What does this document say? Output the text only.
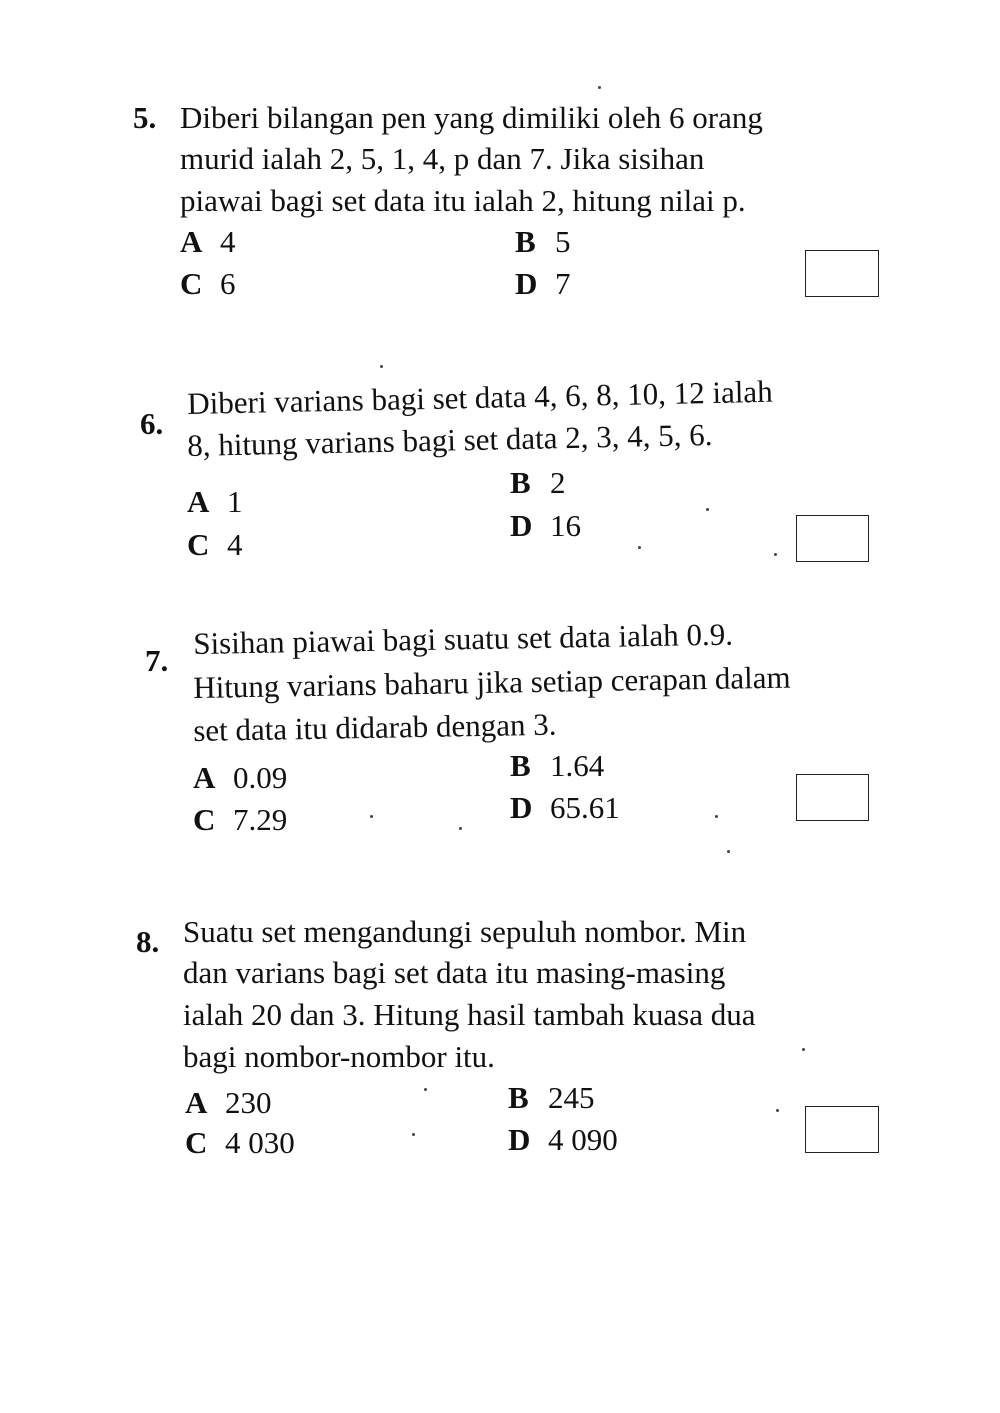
5. Diberi bilangan pen yang dimiliki oleh 6 orang
murid ialah 2, 5, 1, 4, p dan 7. Jika sisihan
piawai bagi set data itu ialah 2, hitung nilai p.
A 4	B 5
C 6	D 7
6.
Diberi varians bagi set data 4, 6, 8, 10, 12 ialah
8, hitung varians bagi set data 2, 3, 4, 5, 6.
A 1
B 2
C 4
D 16
7. Sisihan piawai bagi suatu set data ialah 0.9.
Hitung varians baharu jika setiap cerapan dalam
set data itu didarab dengan 3.
A 0.09	B 1.64
C 7.29	D 65.61
8. Suatu set mengandungi sepuluh nombor. Min
dan varians bagi set data itu masing-masing
ialah 20 dan 3. Hitung hasil tambah kuasa dua
bagi nombor-nombor itu.
A 230	B 245
C 4 030	D 4 090
